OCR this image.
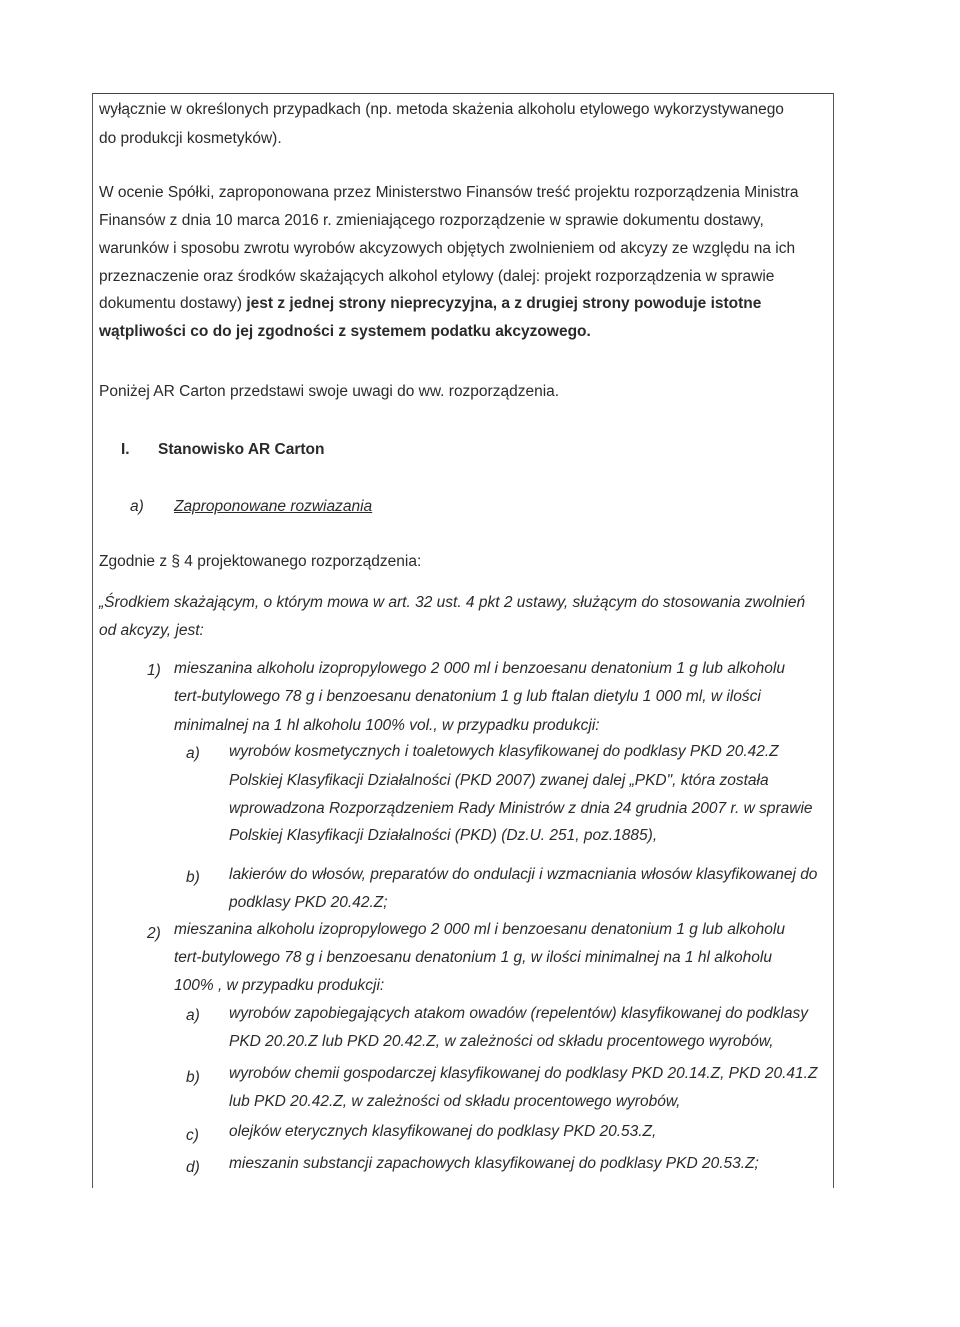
wyłącznie w określonych przypadkach (np. metoda skażenia alkoholu etylowego wykorzystywanego
do produkcji kosmetyków).
W ocenie Spółki, zaproponowana przez Ministerstwo Finansów treść projektu rozporządzenia Ministra
Finansów z dnia 10 marca 2016 r. zmieniającego rozporządzenie w sprawie dokumentu dostawy,
warunków i sposobu zwrotu wyrobów akcyzowych objętych zwolnieniem od akcyzy ze względu na ich
przeznaczenie oraz środków skażających alkohol etylowy (dalej: projekt rozporządzenia w sprawie
dokumentu dostawy) jest z jednej strony nieprecyzyjna, a z drugiej strony powoduje istotne
wątpliwości co do jej zgodności z systemem podatku akcyzowego.
Poniżej AR Carton przedstawi swoje uwagi do ww. rozporządzenia.
I. Stanowisko AR Carton
a) Zaproponowane rozwiazania
Zgodnie z § 4 projektowanego rozporządzenia:
„Środkiem skażającym, o którym mowa w art. 32 ust. 4 pkt 2 ustawy, służącym do stosowania zwolnień
od akcyzy, jest:
1) mieszanina alkoholu izopropylowego 2 000 ml i benzoesanu denatonium 1 g lub alkoholu
tert-butylowego 78 g i benzoesanu denatonium 1 g lub ftalan dietylu 1 000 ml, w ilości
minimalnej na 1 hl alkoholu 100% vol., w przypadku produkcji:
a) wyrobów kosmetycznych i toaletowych klasyfikowanej do podklasy PKD 20.42.Z
Polskiej Klasyfikacji Działalności (PKD 2007) zwanej dalej „PKD", która została
wprowadzona Rozporządzeniem Rady Ministrów z dnia 24 grudnia 2007 r. w sprawie
Polskiej Klasyfikacji Działalności (PKD) (Dz.U. 251, poz.1885),
b) lakierów do włosów, preparatów do ondulacji i wzmacniania włosów klasyfikowanej do
podklasy PKD 20.42.Z;
2) mieszanina alkoholu izopropylowego 2 000 ml i benzoesanu denatonium 1 g lub alkoholu
tert-butylowego 78 g i benzoesanu denatonium 1 g, w ilości minimalnej na 1 hl alkoholu
100% , w przypadku produkcji:
a) wyrobów zapobiegających atakom owadów (repelentów) klasyfikowanej do podklasy
PKD 20.20.Z lub PKD 20.42.Z, w zależności od składu procentowego wyrobów,
b) wyrobów chemii gospodarczej klasyfikowanej do podklasy PKD 20.14.Z, PKD 20.41.Z
lub PKD 20.42.Z, w zależności od składu procentowego wyrobów,
c) olejków eterycznych klasyfikowanej do podklasy PKD 20.53.Z,
d) mieszanin substancji zapachowych klasyfikowanej do podklasy PKD 20.53.Z;
